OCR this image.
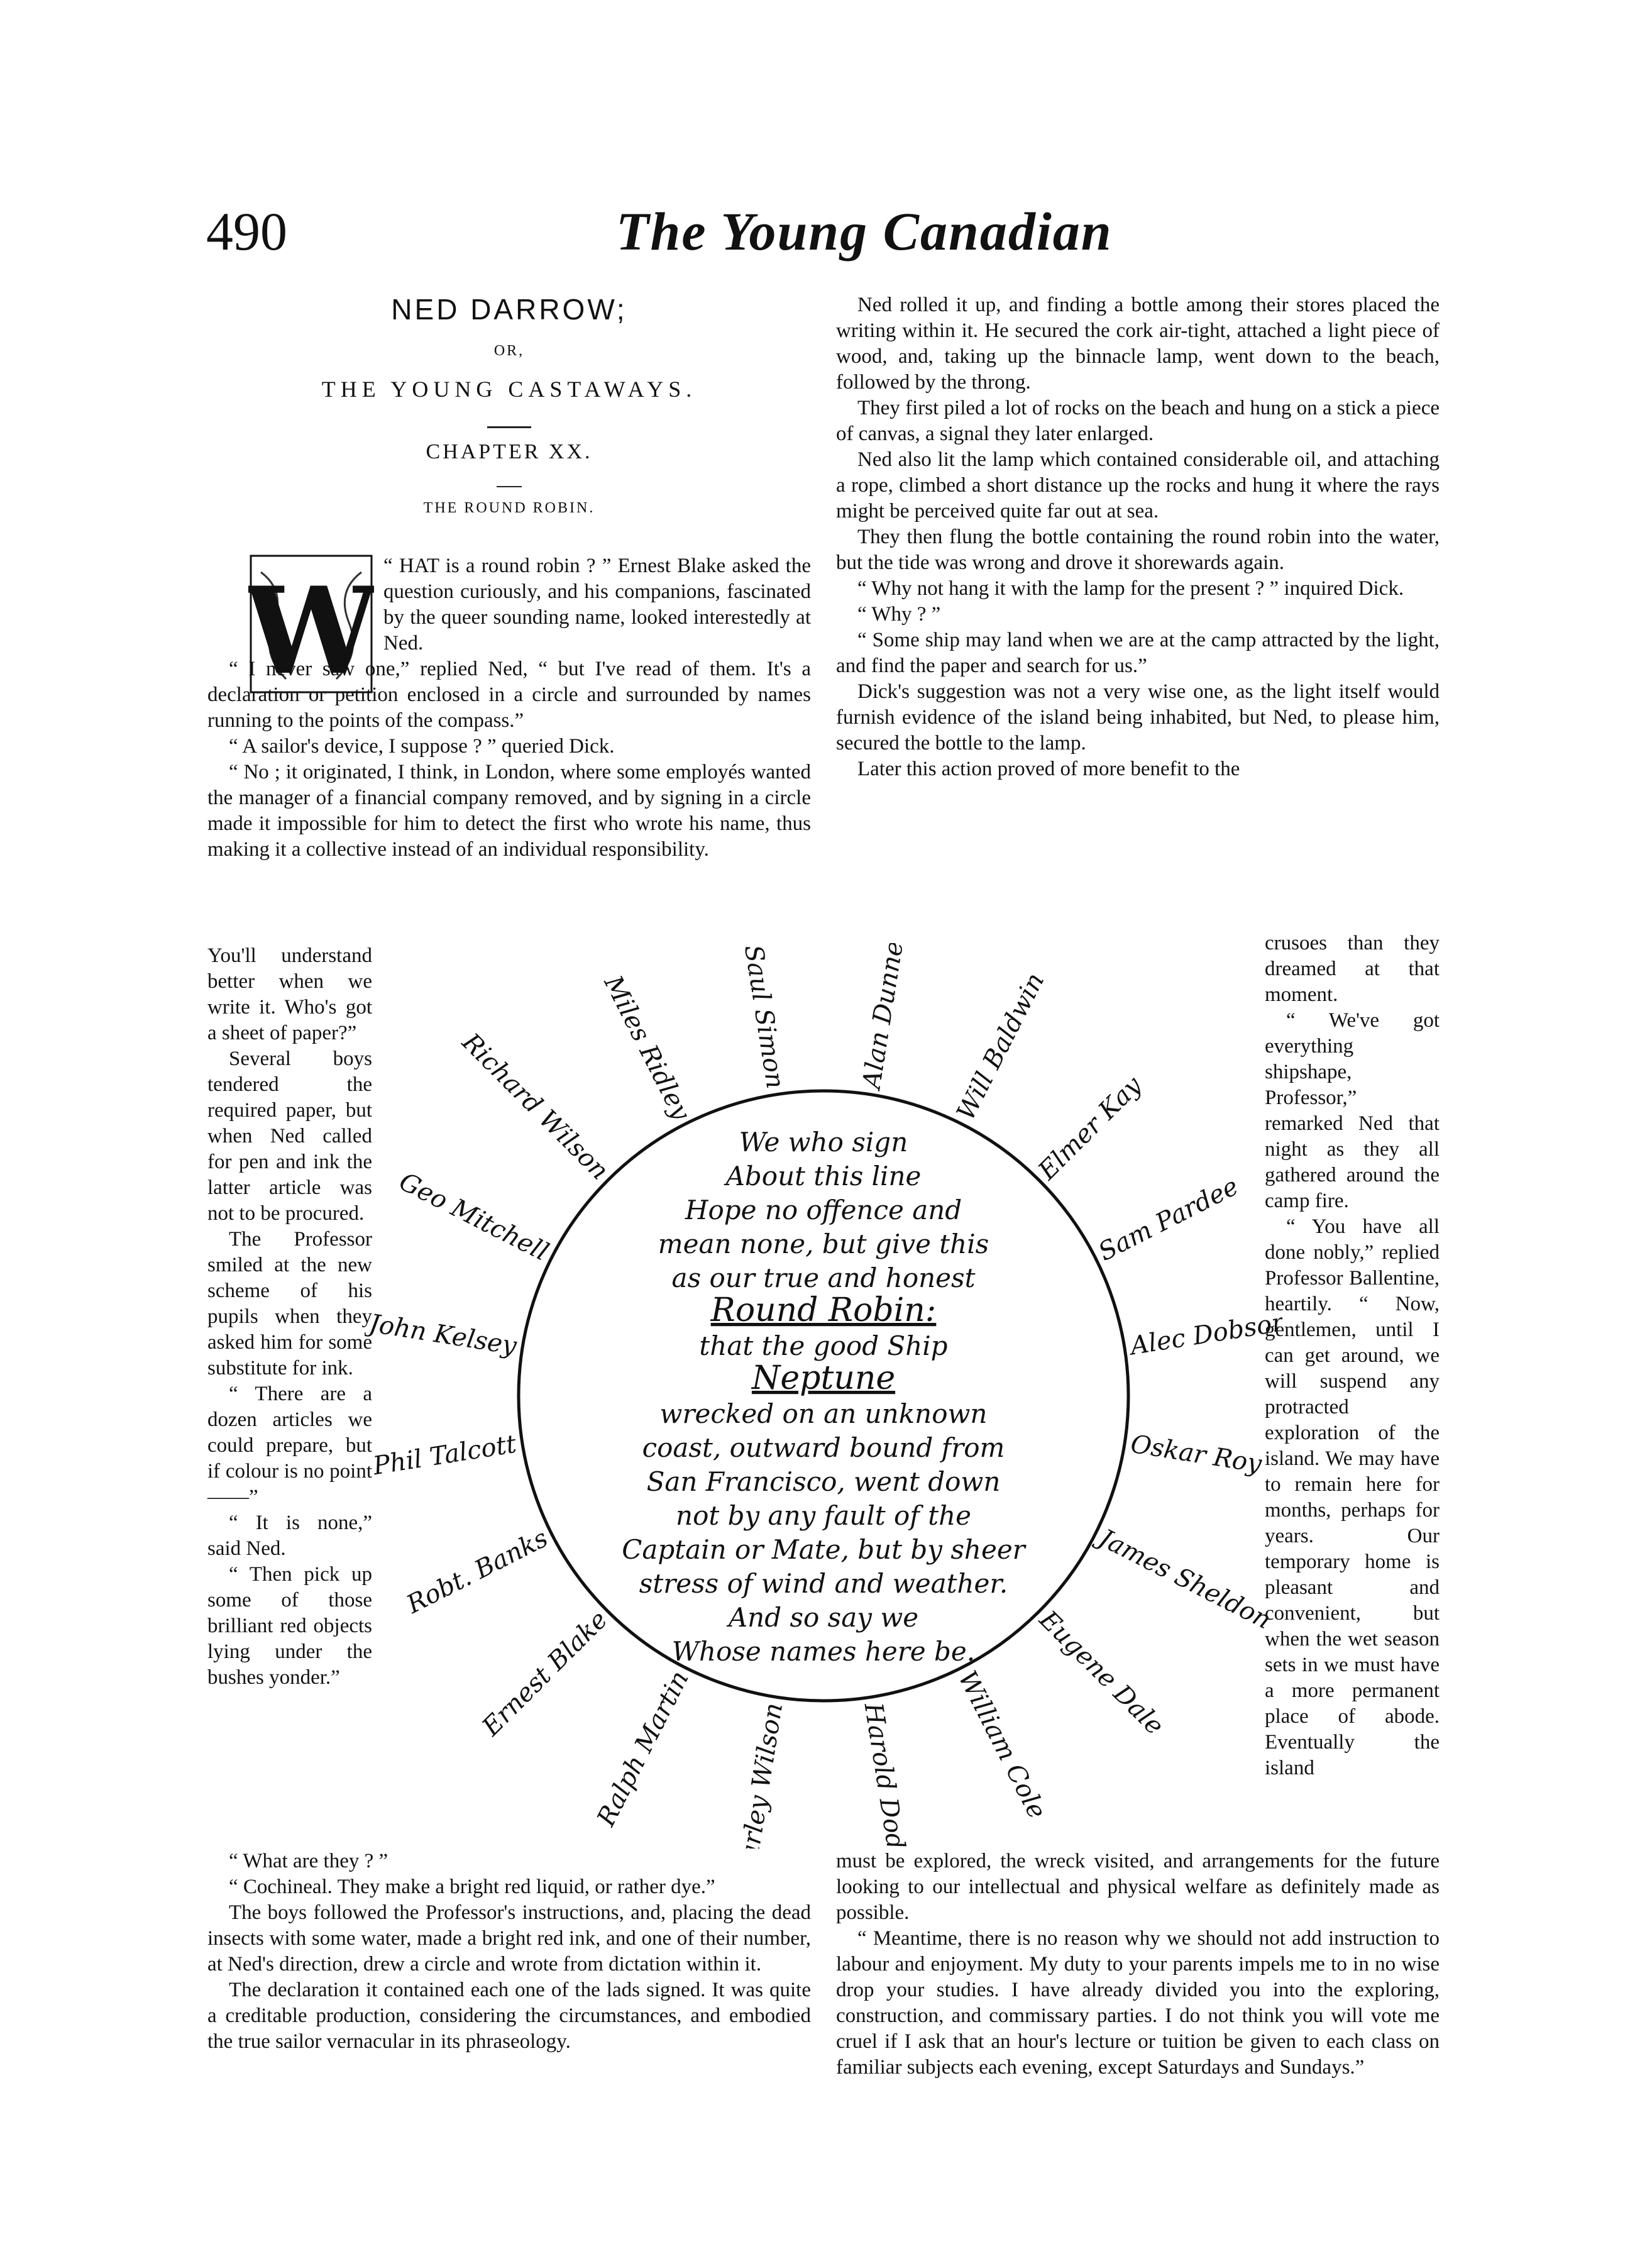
490	The Young Canadian
NED DARROW;
OR,
THE YOUNG CASTAWAYS.
CHAPTER XX.
THE ROUND ROBIN.
W “ HAT is a round robin ? ” Ernest Blake asked the question curiously, and his companions, fascinated by the queer sounding name, looked interestedly at Ned.

“ I never saw one,” replied Ned, “ but I've read of them. It's a declaration or petition enclosed in a circle and surrounded by names running to the points of the compass.”

“ A sailor's device, I suppose ? ” queried Dick.

“ No ; it originated, I think, in London, where some employés wanted the manager of a financial company removed, and by signing in a circle made it impossible for him to detect the first who wrote his name, thus making it a collective instead of an individual responsibility.

You'll understand better when we write it. Who's got a sheet of paper?”

Several boys tendered the required paper, but when Ned called for pen and ink the latter article was not to be procured.

The Professor smiled at the new scheme of his pupils when they asked him for some substitute for ink.

“ There are a dozen articles we could prepare, but if colour is no point ——”

“ It is none,” said Ned.

“ Then pick up some of those brilliant red objects lying under the bushes yonder.”

“ What are they ? ”

“ Cochineal. They make a bright red liquid, or rather dye.”

The boys followed the Professor's instructions, and, placing the dead insects with some water, made a bright red ink, and one of their number, at Ned's direction, drew a circle and wrote from dictation within it.

The declaration it contained each one of the lads signed. It was quite a creditable production, considering the circumstances, and embodied the true sailor vernacular in its phraseology.

Ned rolled it up, and finding a bottle among their stores placed the writing within it. He secured the cork air-tight, attached a light piece of wood, and, taking up the binnacle lamp, went down to the beach, followed by the throng.

They first piled a lot of rocks on the beach and hung on a stick a piece of canvas, a signal they later enlarged.

Ned also lit the lamp which contained considerable oil, and attaching a rope, climbed a short distance up the rocks and hung it where the rays might be perceived quite far out at sea.

They then flung the bottle containing the round robin into the water, but the tide was wrong and drove it shorewards again.

“ Why not hang it with the lamp for the present ? ” inquired Dick.

“ Why ? ”

“ Some ship may land when we are at the camp attracted by the light, and find the paper and search for us.”

Dick's suggestion was not a very wise one, as the light itself would furnish evidence of the island being inhabited, but Ned, to please him, secured the bottle to the lamp.

Later this action proved of more benefit to the

crusoes than they dreamed at that moment.

“ We've got everything shipshape, Professor,” remarked Ned that night as they all gathered around the camp fire.

“ You have all done nobly,” replied Professor Ballentine, heartily. “ Now, gentlemen, until I can get around, we will suspend any protracted exploration of the island. We may have to remain here for months, perhaps for years. Our temporary home is pleasant and convenient, but when the wet season sets in we must have a more permanent place of abode. Eventually the island

must be explored, the wreck visited, and arrangements for the future looking to our intellectual and physical welfare as definitely made as possible.

“ Meantime, there is no reason why we should not add instruction to labour and enjoyment. My duty to your parents impels me to in no wise drop your studies. I have already divided you into the exploring, construction, and commissary parties. I do not think you will vote me cruel if I ask that an hour's lecture or tuition be given to each class on familiar subjects each evening, except Saturdays and Sundays.”

We who sign
About this line
Hope no offence and
mean none, but give this
as our true and honest
Round Robin:
that the good Ship
Neptune
wrecked on an unknown
coast, outward bound from
San Francisco, went down
not by any fault of the
Captain or Mate, but by sheer
stress of wind and weather.
And so say we
Whose names here be.
Alan Dunne Will Baldwin
Elmer Kay
Sam Pardee
Alec Dobson
Oskar Roy
James Sheldon
Eugene Dale
William Cole
Harold Dodd
Charley Wilson
Ralph Martin
Ernest Blake
Robt. Banks
Phil Talcott
John Kelsey
Geo Mitchell
Richard Wilson
Miles Ridley Saul Simon
